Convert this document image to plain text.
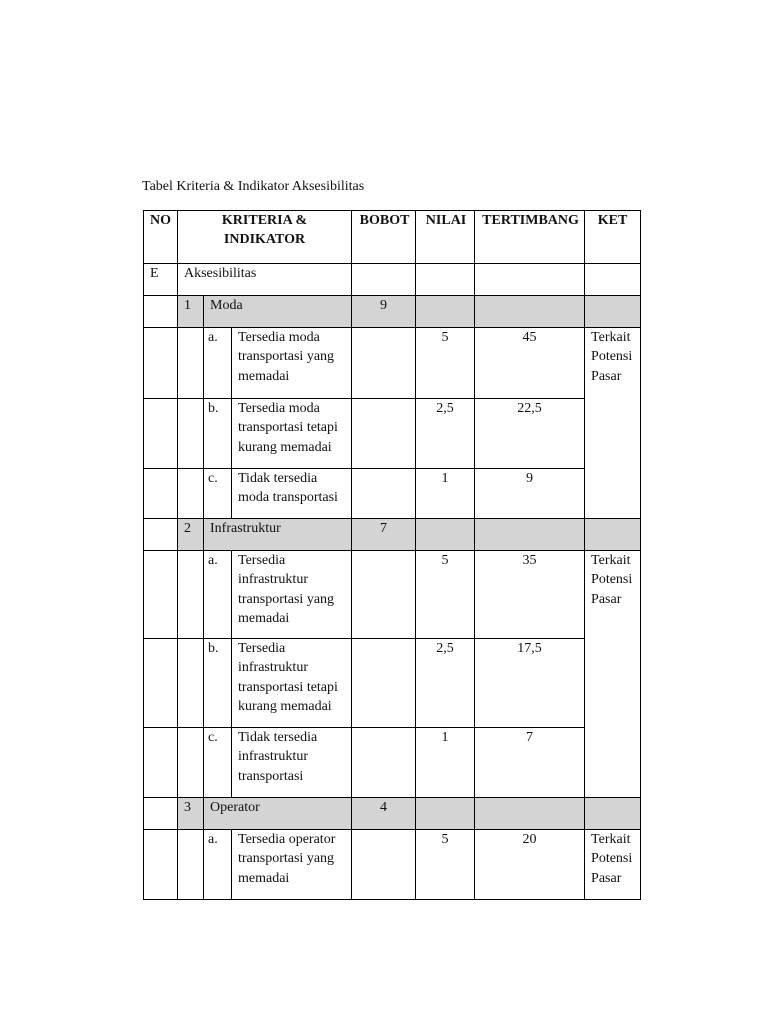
Tabel Kriteria & Indikator Aksesibilitas
NO	KRITERIA &
INDIKATOR			BOBOT	NILAI	TERTIMBANG	KET
E	Aksesibilitas						
	1	Moda		9			
		a.	Tersedia moda
transportasi yang
memadai		5	45	Terkait
Potensi
Pasar
		b.	Tersedia moda
transportasi tetapi
kurang memadai		2,5	22,5	
		c.	Tidak tersedia
moda transportasi		1	9	
	2	Infrastruktur		7			
		a.	Tersedia
infrastruktur
transportasi yang
memadai		5	35	Terkait
Potensi
Pasar
		b.	Tersedia
infrastruktur
transportasi tetapi
kurang memadai		2,5	17,5	
		c.	Tidak tersedia
infrastruktur
transportasi		1	7	
	3	Operator		4			
		a.	Tersedia operator
transportasi yang
memadai		5	20	Terkait
Potensi
Pasar
